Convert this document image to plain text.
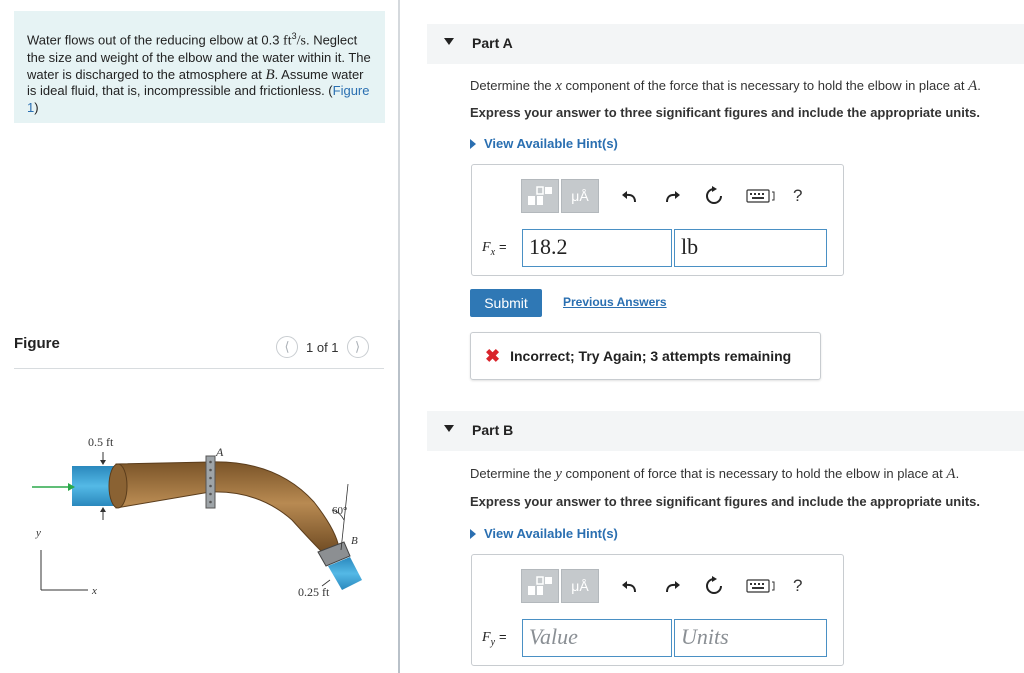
Water flows out of the reducing elbow at 0.3 $ft^3/s$. Neglect the size and weight of the elbow and the water within it. The water is discharged to the atmosphere at B. Assume water is ideal fluid, that is, incompressible and frictionless. (Figure 1)
Figure	⟨	1 of 1	⟩
0.5 ft
A
60°
B
0.25 ft
y
x
Part A
Determine the x component of the force that is necessary to hold the elbow in place at A.
Express your answer to three significant figures and include the appropriate units.
View Available Hint(s)
μÅ	?
$F_x$ =	18.2	lb
Submit	Previous Answers
✖ Incorrect; Try Again; 3 attempts remaining
Part B
Determine the y component of force that is necessary to hold the elbow in place at A.
Express your answer to three significant figures and include the appropriate units.
View Available Hint(s)
μÅ	?
$F_y$ =	Value	Units
